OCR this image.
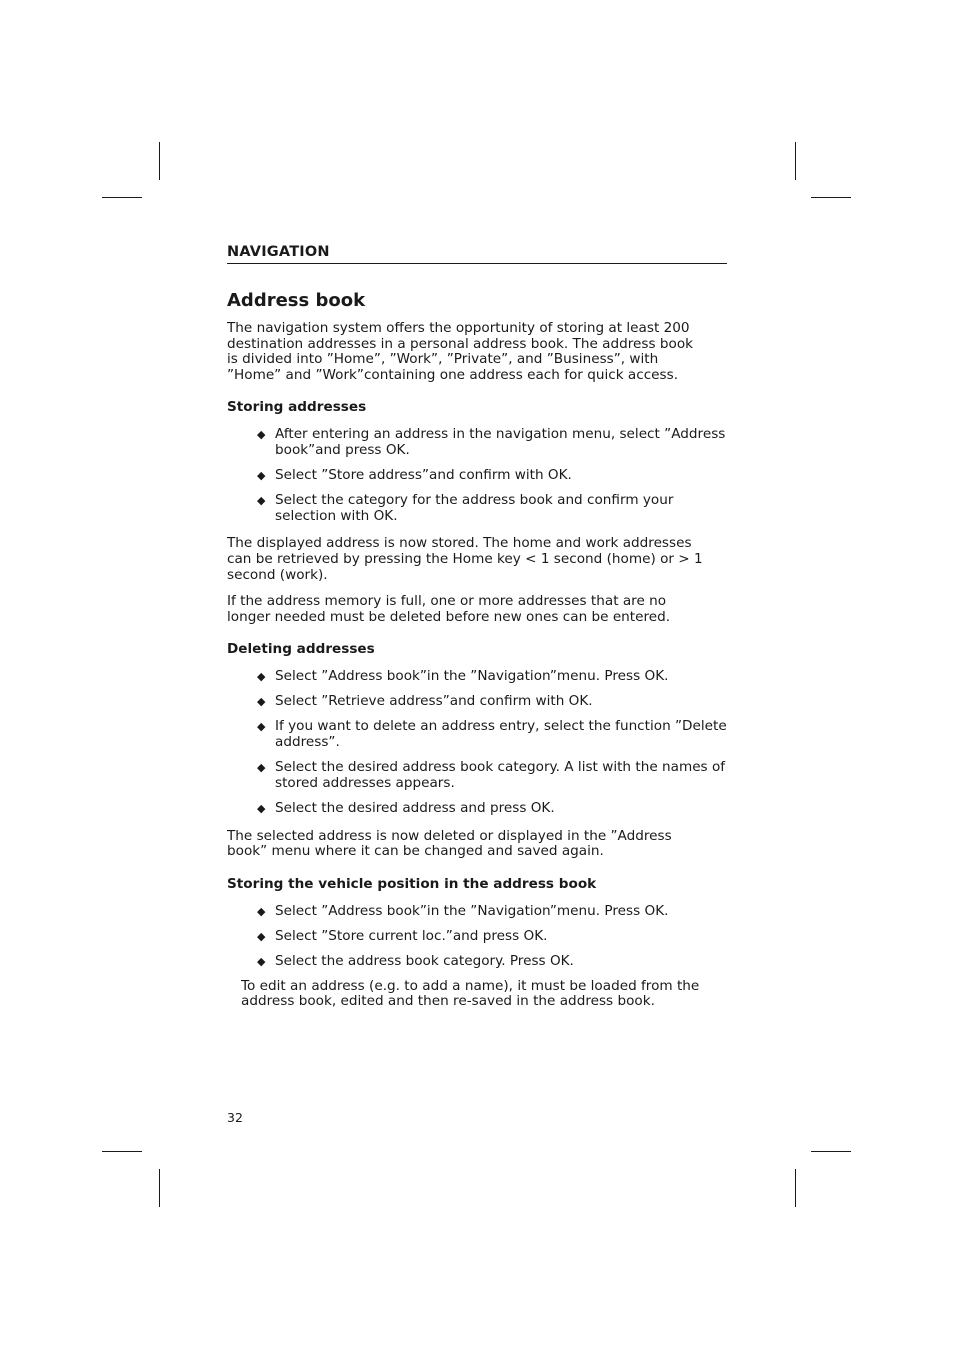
NAVIGATION
Address book

The navigation system offers the opportunity of storing at least 200 destination addresses in a personal address book. The address book is divided into ”Home”, ”Work”, ”Private”, and ”Business”, with ”Home” and ”Work”containing one address each for quick access.

Storing addresses
◆ After entering an address in the navigation menu, select ”Address book”and press OK.
◆ Select ”Store address”and confirm with OK.
◆ Select the category for the address book and confirm your selection with OK.

The displayed address is now stored. The home and work addresses can be retrieved by pressing the Home key < 1 second (home) or > 1 second (work).

If the address memory is full, one or more addresses that are no longer needed must be deleted before new ones can be entered.

Deleting addresses
◆ Select ”Address book”in the ”Navigation”menu. Press OK.
◆ Select ”Retrieve address”and confirm with OK.
◆ If you want to delete an address entry, select the function ”Delete address”.
◆ Select the desired address book category. A list with the names of stored addresses appears.
◆ Select the desired address and press OK.

The selected address is now deleted or displayed in the ”Address book” menu where it can be changed and saved again.

Storing the vehicle position in the address book
◆ Select ”Address book”in the ”Navigation”menu. Press OK.
◆ Select ”Store current loc.”and press OK.
◆ Select the address book category. Press OK.

To edit an address (e.g. to add a name), it must be loaded from the address book, edited and then re-saved in the address book.

32
